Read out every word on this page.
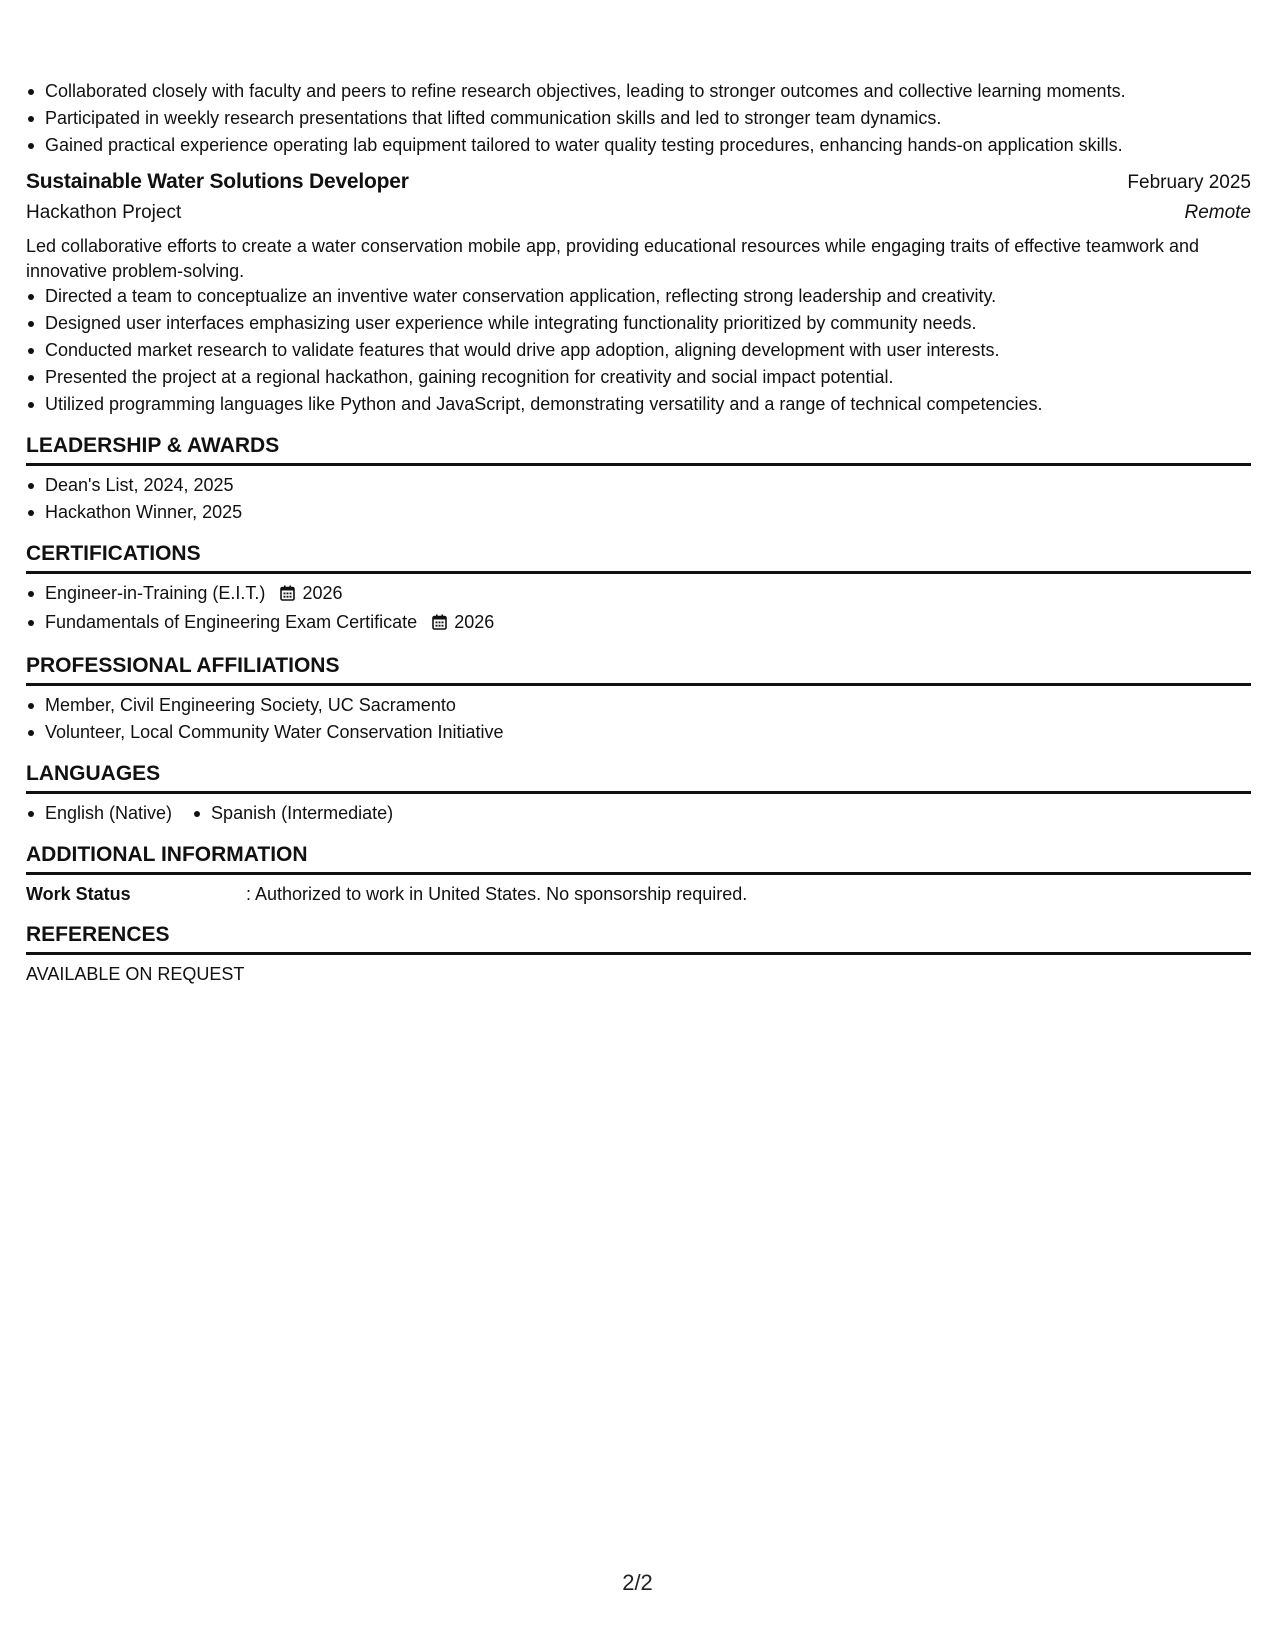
Collaborated closely with faculty and peers to refine research objectives, leading to stronger outcomes and collective learning moments.
Participated in weekly research presentations that lifted communication skills and led to stronger team dynamics.
Gained practical experience operating lab equipment tailored to water quality testing procedures, enhancing hands-on application skills.
Sustainable Water Solutions Developer	February 2025
Hackathon Project	Remote
Led collaborative efforts to create a water conservation mobile app, providing educational resources while engaging traits of effective teamwork and innovative problem-solving.
Directed a team to conceptualize an inventive water conservation application, reflecting strong leadership and creativity.
Designed user interfaces emphasizing user experience while integrating functionality prioritized by community needs.
Conducted market research to validate features that would drive app adoption, aligning development with user interests.
Presented the project at a regional hackathon, gaining recognition for creativity and social impact potential.
Utilized programming languages like Python and JavaScript, demonstrating versatility and a range of technical competencies.
LEADERSHIP & AWARDS
Dean's List, 2024, 2025
Hackathon Winner, 2025
CERTIFICATIONS
Engineer-in-Training (E.I.T.) 2026
Fundamentals of Engineering Exam Certificate 2026
PROFESSIONAL AFFILIATIONS
Member, Civil Engineering Society, UC Sacramento
Volunteer, Local Community Water Conservation Initiative
LANGUAGES
English (Native)	Spanish (Intermediate)
ADDITIONAL INFORMATION
Work Status	: Authorized to work in United States. No sponsorship required.
REFERENCES
AVAILABLE ON REQUEST
2/2
